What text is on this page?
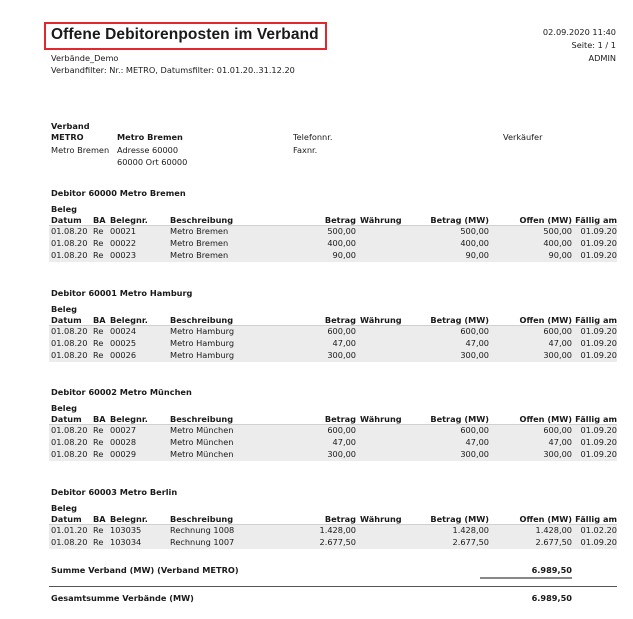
Offene Debitorenposten im Verband
Verbände_Demo
Verbandfilter: Nr.: METRO, Datumsfilter: 01.01.20..31.12.20
02.09.2020 11:40
Seite: 1 / 1
ADMIN
Verband
METRO	Metro Bremen
Metro Bremen Adresse 60000
60000 Ort 60000
Telefonnr.
Faxnr.
Verkäufer
Debitor 60000 Metro Bremen
Beleg
Datum BA Belegnr.	Beschreibung	Betrag Währung	Betrag (MW)	Offen (MW) Fällig am
01.08.20 Re 00021	Metro Bremen	500,00	500,00	500,00 01.09.20
01.08.20 Re 00022	Metro Bremen	400,00	400,00	400,00 01.09.20
01.08.20 Re 00023	Metro Bremen	90,00	90,00	90,00 01.09.20
Debitor 60001 Metro Hamburg
Beleg
Datum BA Belegnr.	Beschreibung	Betrag Währung	Betrag (MW)	Offen (MW) Fällig am
01.08.20 Re 00024	Metro Hamburg	600,00	600,00	600,00 01.09.20
01.08.20 Re 00025	Metro Hamburg	47,00	47,00	47,00 01.09.20
01.08.20 Re 00026	Metro Hamburg	300,00	300,00	300,00 01.09.20
Debitor 60002 Metro München
Beleg
Datum BA Belegnr.	Beschreibung	Betrag Währung	Betrag (MW)	Offen (MW) Fällig am
01.08.20 Re 00027	Metro München	600,00	600,00	600,00 01.09.20
01.08.20 Re 00028	Metro München	47,00	47,00	47,00 01.09.20
01.08.20 Re 00029	Metro München	300,00	300,00	300,00 01.09.20
Debitor 60003 Metro Berlin
Beleg
Datum BA Belegnr.	Beschreibung	Betrag Währung	Betrag (MW)	Offen (MW) Fällig am
01.01.20 Re 103035	Rechnung 1008	1.428,00	1.428,00	1.428,00 01.02.20
01.08.20 Re 103034	Rechnung 1007	2.677,50	2.677,50	2.677,50 01.09.20
Summe Verband (MW) (Verband METRO)	6.989,50
Gesamtsumme Verbände (MW)	6.989,50
